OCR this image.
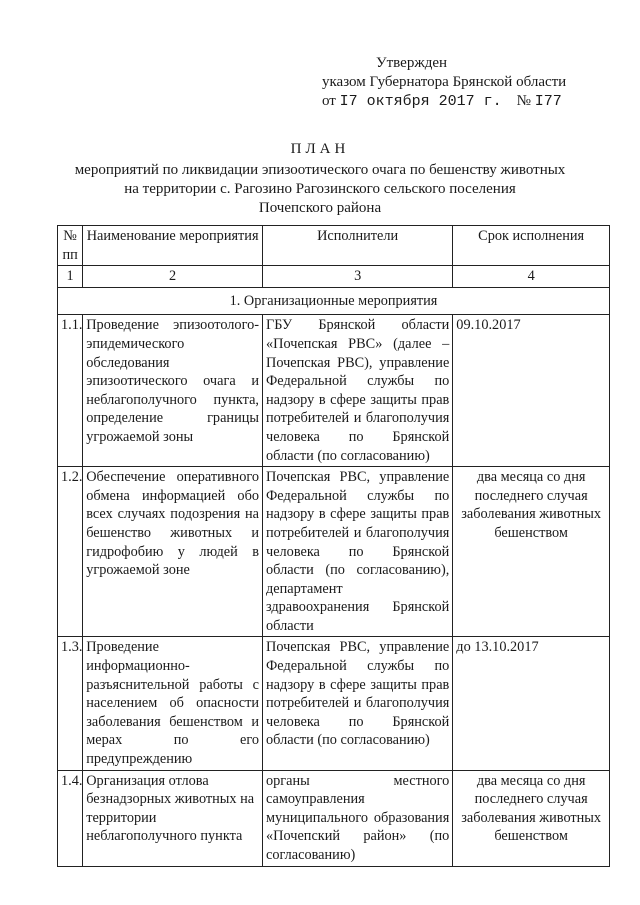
Утвержден
указом Губернатора Брянской области
от I7 октября 2017 г. № I77
ПЛАН
мероприятий по ликвидации эпизоотического очага по бешенству животных
на территории с. Рагозино Рагозинского сельского поселения
Почепского района
№ пп	Наименование мероприятия	Исполнители	Срок исполнения
1	2	3	4
1. Организационные мероприятия			
1.1.	Проведение эпизоотолого-эпидемического обследования эпизоотического очага и неблагополучного пункта, определение границы угрожаемой зоны	ГБУ Брянской области «Почепская РВС» (далее – Почепская РВС), управление Федеральной службы по надзору в сфере защиты прав потребителей и благополучия человека по Брянской области (по согласованию)	09.10.2017
1.2.	Обеспечение оперативного обмена информацией обо всех случаях подозрения на бешенство животных и гидрофобию у людей в угрожаемой зоне	Почепская РВС, управление Федеральной службы по надзору в сфере защиты прав потребителей и благополучия человека по Брянской области (по согласованию), департамент здравоохранения Брянской области	два месяца со дня последнего случая заболевания животных бешенством
1.3.	Проведение информационно-разъяснительной работы с населением об опасности заболевания бешенством и мерах по его предупреждению	Почепская РВС, управление Федеральной службы по надзору в сфере защиты прав потребителей и благополучия человека по Брянской области (по согласованию)	до 13.10.2017
1.4.	Организация отлова безнадзорных животных на территории неблагополучного пункта	органы местного самоуправления муниципального образования «Почепский район» (по согласованию)	два месяца со дня последнего случая заболевания животных бешенством
